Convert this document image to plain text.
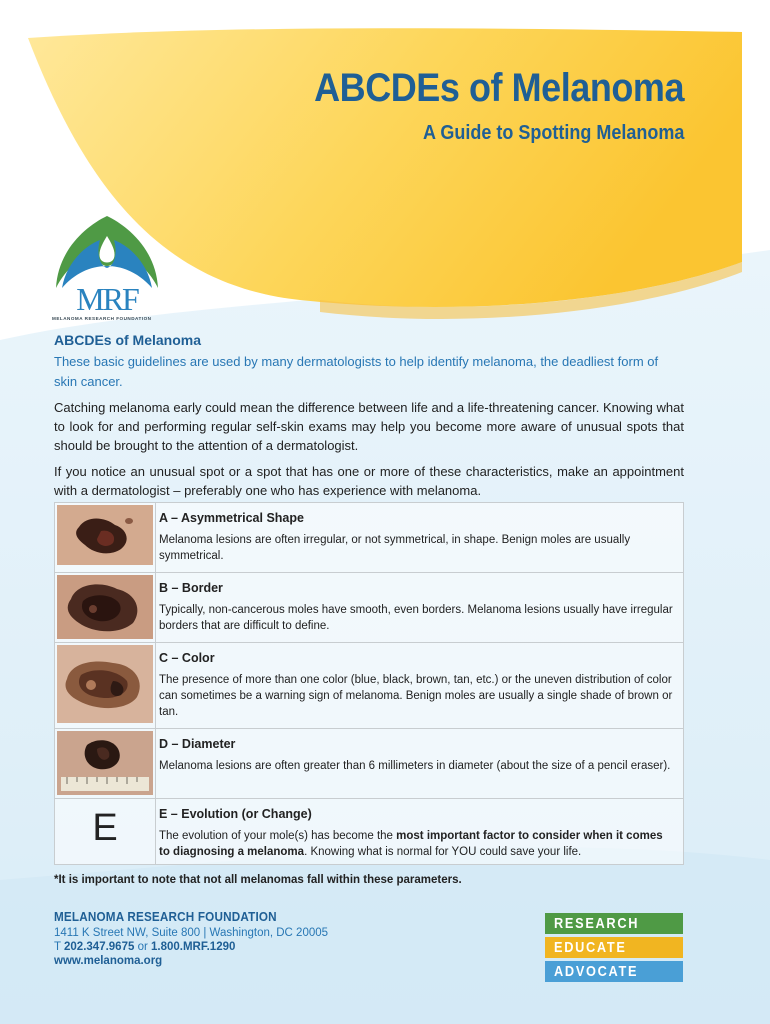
ABCDEs of Melanoma
A Guide to Spotting Melanoma
MRF
MELANOMA RESEARCH FOUNDATION
ABCDEs of Melanoma

These basic guidelines are used by many dermatologists to help identify melanoma, the deadliest form of skin cancer.

Catching melanoma early could mean the difference between life and a life-threatening cancer. Knowing what to look for and performing regular self-skin exams may help you become more aware of unusual spots that should be brought to the attention of a dermatologist.

If you notice an unusual spot or a spot that has one or more of these characteristics, make an appointment with a dermatologist – preferably one who has experience with melanoma.

A – Asymmetrical Shape
Melanoma lesions are often irregular, or not symmetrical, in shape. Benign moles are usually symmetrical.

B – Border
Typically, non-cancerous moles have smooth, even borders. Melanoma lesions usually have irregular borders that are difficult to define.

C – Color
The presence of more than one color (blue, black, brown, tan, etc.) or the uneven distribution of color can sometimes be a warning sign of melanoma. Benign moles are usually a single shade of brown or tan.

D – Diameter
Melanoma lesions are often greater than 6 millimeters in diameter (about the size of a pencil eraser).

E	E – Evolution (or Change)
The evolution of your mole(s) has become the most important factor to consider when it comes to diagnosing a melanoma. Knowing what is normal for YOU could save your life.
*It is important to note that not all melanomas fall within these parameters.
MELANOMA RESEARCH FOUNDATION
1411 K Street NW, Suite 800 | Washington, DC 20005
T 202.347.9675 or 1.800.MRF.1290
www.melanoma.org
RESEARCH
EDUCATE
ADVOCATE
